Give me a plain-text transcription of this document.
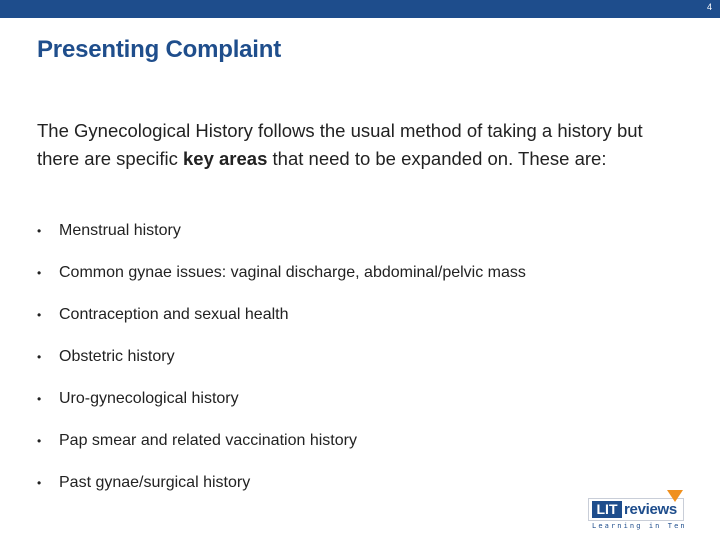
4
Presenting Complaint
The Gynecological History follows the usual method of taking a history but there are specific key areas that need to be expanded on. These are:
•	Menstrual history
•	Common gynae issues: vaginal discharge, abdominal/pelvic mass
•	Contraception and sexual health
•	Obstetric history
•	Uro-gynecological history
•	Pap smear and related vaccination history
•	Past gynae/surgical history
LIT reviews
Learning in Ten
